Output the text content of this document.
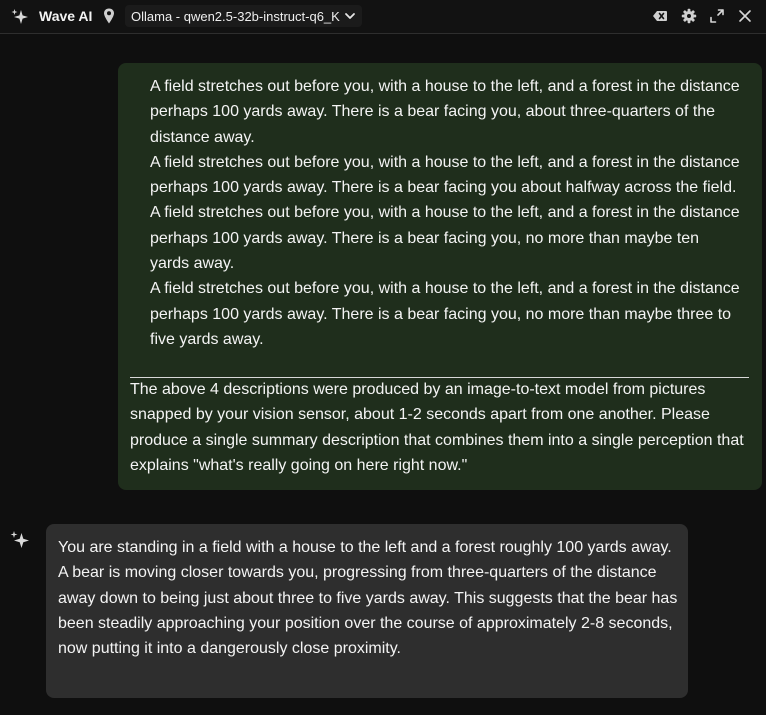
Wave AI	Ollama - qwen2.5-32b-instruct-q6_K

A field stretches out before you, with a house to the left, and a forest in the distance perhaps 100 yards away. There is a bear facing you, about three-quarters of the distance away.

A field stretches out before you, with a house to the left, and a forest in the distance perhaps 100 yards away. There is a bear facing you about halfway across the field.

A field stretches out before you, with a house to the left, and a forest in the distance perhaps 100 yards away. There is a bear facing you, no more than maybe ten yards away.

A field stretches out before you, with a house to the left, and a forest in the distance perhaps 100 yards away. There is a bear facing you, no more than maybe three to five yards away.

The above 4 descriptions were produced by an image-to-text model from pictures snapped by your vision sensor, about 1-2 seconds apart from one another. Please produce a single summary description that combines them into a single perception that explains "what's really going on here right now."

You are standing in a field with a house to the left and a forest roughly 100 yards away. A bear is moving closer towards you, progressing from three-quarters of the distance away down to being just about three to five yards away. This suggests that the bear has been steadily approaching your position over the course of approximately 2-8 seconds, now putting it into a dangerously close proximity.
